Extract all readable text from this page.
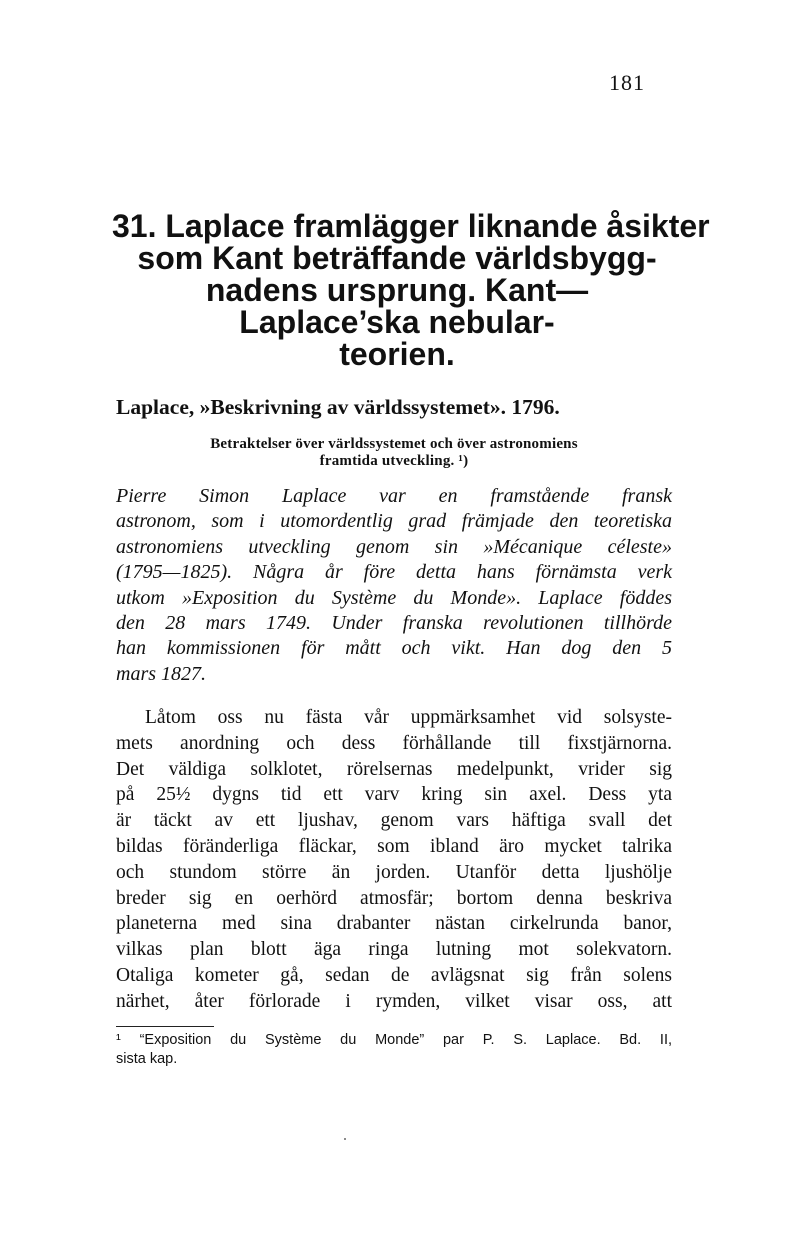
181
31. Laplace framlägger liknande åsikter
som Kant beträffande världsbygg-
nadens ursprung. Kant—
Laplace’ska nebular-
teorien.
Laplace, »Beskrivning av världssystemet». 1796.
Betraktelser över världssystemet och över astronomiens
framtida utveckling. ¹)
Pierre Simon Laplace var en framstående fransk
astronom, som i utomordentlig grad främjade den teoretiska
astronomiens utveckling genom sin »Mécanique céleste»
(1795—1825). Några år före detta hans förnämsta verk
utkom »Exposition du Système du Monde». Laplace föddes
den 28 mars 1749. Under franska revolutionen tillhörde
han kommissionen för mått och vikt. Han dog den 5
mars 1827.
Låtom oss nu fästa vår uppmärksamhet vid solsyste-
mets anordning och dess förhållande till fixstjärnorna.
Det väldiga solklotet, rörelsernas medelpunkt, vrider sig
på 25½ dygns tid ett varv kring sin axel. Dess yta
är täckt av ett ljushav, genom vars häftiga svall det
bildas föränderliga fläckar, som ibland äro mycket talrika
och stundom större än jorden. Utanför detta ljushölje
breder sig en oerhörd atmosfär; bortom denna beskriva
planeterna med sina drabanter nästan cirkelrunda banor,
vilkas plan blott äga ringa lutning mot solekvatorn.
Otaliga kometer gå, sedan de avlägsnat sig från solens
närhet, åter förlorade i rymden, vilket visar oss, att
¹ “Exposition du Système du Monde” par P. S. Laplace. Bd. II,
sista kap.
